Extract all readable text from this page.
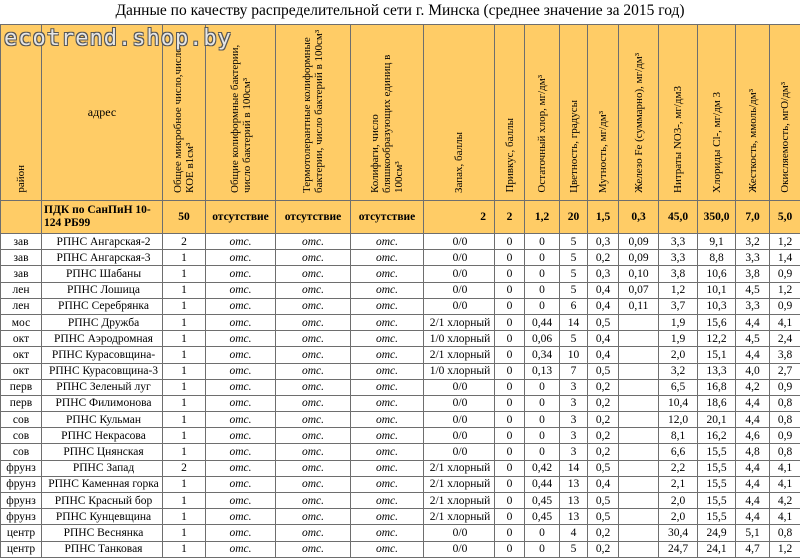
Данные по качеству распределительной сети г. Минска (среднее значение за 2015 год)
ecotrend.shop.by
район	адрес	Общее микробное число,число КОЕ в1см³	Общие колиформные бактерии, число бактерий в 100см³	Термотолерантные колиформные бактерии, число бактерий в 100см³	Колифаги, число бляшкообразующих единиц в 100см³	Запах, баллы	Привкус, баллы	Остаточный хлор, мг/дм³	Цветность, градусы	Мутность, мг/дм³	Железо Fe (суммарно), мг/дм³	Нитраты NO3-, мг/дм3	Хлориды Cl-, мг/дм 3	Жесткость, ммоль/дм³	Окисляемость, мгО/дм³
	ПДК по СанПиН 10-124 РБ99	50	отсутствие	отсутствие	отсутствие	2	2	1,2	20	1,5	0,3	45,0	350,0	7,0	5,0
зав	РПНС Ангарская-2	2	отс.	отс.	отс.	0/0	0	0	5	0,3	0,09	3,3	9,1	3,2	1,2
зав	РПНС Ангарская-3	1	отс.	отс.	отс.	0/0	0	0	5	0,2	0,09	3,3	8,8	3,3	1,4
зав	РПНС Шабаны	1	отс.	отс.	отс.	0/0	0	0	5	0,3	0,10	3,8	10,6	3,8	0,9
лен	РПНС Лошица	1	отс.	отс.	отс.	0/0	0	0	5	0,4	0,07	1,2	10,1	4,5	1,2
лен	РПНС Серебрянка	1	отс.	отс.	отс.	0/0	0	0	6	0,4	0,11	3,7	10,3	3,3	0,9
мос	РПНС Дружба	1	отс.	отс.	отс.	2/1 хлорный	0	0,44	14	0,5		1,9	15,6	4,4	4,1
окт	РПНС Аэродромная	1	отс.	отс.	отс.	1/0 хлорный	0	0,06	5	0,4		1,9	12,2	4,5	2,4
окт	РПНС Курасовщина-	1	отс.	отс.	отс.	2/1 хлорный	0	0,34	10	0,4		2,0	15,1	4,4	3,8
окт	РПНС Курасовщина-3	1	отс.	отс.	отс.	1/0 хлорный	0	0,13	7	0,5		3,2	13,3	4,0	2,7
перв	РПНС Зеленый луг	1	отс.	отс.	отс.	0/0	0	0	3	0,2		6,5	16,8	4,2	0,9
перв	РПНС Филимонова	1	отс.	отс.	отс.	0/0	0	0	3	0,2		10,4	18,6	4,4	0,8
сов	РПНС Кульман	1	отс.	отс.	отс.	0/0	0	0	3	0,2		12,0	20,1	4,4	0,8
сов	РПНС Некрасова	1	отс.	отс.	отс.	0/0	0	0	3	0,2		8,1	16,2	4,6	0,9
сов	РПНС Цнянская	1	отс.	отс.	отс.	0/0	0	0	3	0,2		6,6	15,5	4,8	0,8
фрунз	РПНС Запад	2	отс.	отс.	отс.	2/1 хлорный	0	0,42	14	0,5		2,2	15,5	4,4	4,1
фрунз	РПНС Каменная горка	1	отс.	отс.	отс.	2/1 хлорный	0	0,44	13	0,4		2,1	15,5	4,4	4,1
фрунз	РПНС Красный бор	1	отс.	отс.	отс.	2/1 хлорный	0	0,45	13	0,5		2,0	15,5	4,4	4,2
фрунз	РПНС Кунцевщина	1	отс.	отс.	отс.	2/1 хлорный	0	0,45	13	0,5		2,0	15,5	4,4	4,1
центр	РПНС Веснянка	1	отс.	отс.	отс.	0/0	0	0	4	0,2		30,4	24,9	5,1	0,8
центр	РПНС Танковая	1	отс.	отс.	отс.	0/0	0	0	5	0,2		24,7	24,1	4,7	1,2
